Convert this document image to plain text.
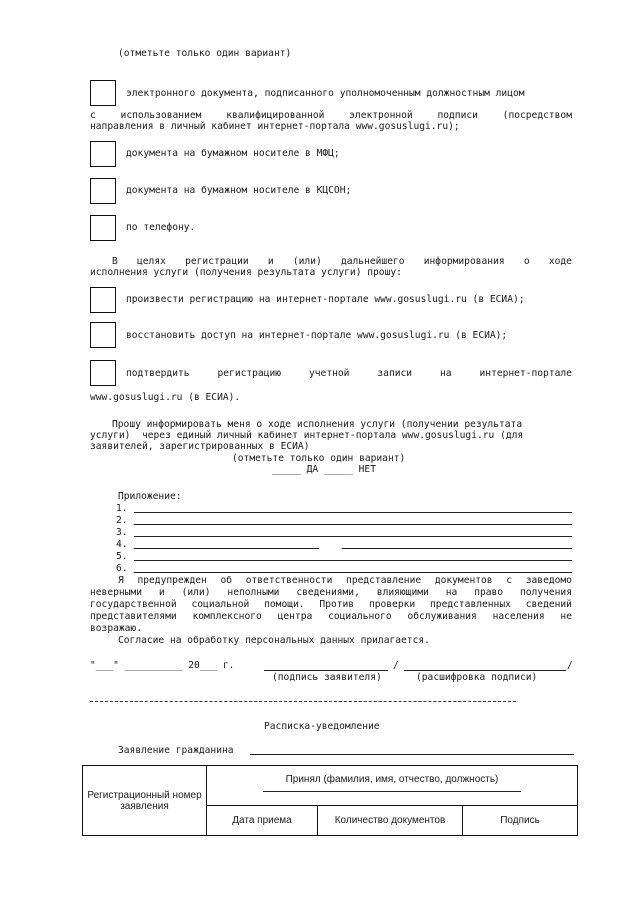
(отметьте только один вариант)
электронного документа, подписанного уполномоченным должностным лицом
с	использованием	квалифицированной	электронной	подписи	(посредством
направления в личный кабинет интернет-портала www.gosuslugi.ru);
документа на бумажном носителе в МФЦ;
документа на бумажном носителе в КЦСОН;
по телефону.
В целях регистрации и (или) дальнейшего информирования о ходе
исполнения услуги (получения результата услуги) прошу:
произвести регистрацию на интернет-портале www.gosuslugi.ru (в ЕСИА);
восстановить доступ на интернет-портале www.gosuslugi.ru (в ЕСИА);
подтвердить	регистрацию	учетной	записи	на	интернет-портале
www.gosuslugi.ru (в ЕСИА).
Прошу информировать меня о ходе исполнения услуги (получении результата
услуги)  через единый личный кабинет интернет-портала www.gosuslugi.ru (для
заявителей, зарегистрированных в ЕСИА)
(отметьте только один вариант)
_____ ДА _____ НЕТ
Приложение:
1.
2.
3.
4.
5.
6.
Я предупрежден об ответственности представление документов с заведомо
неверными и (или) неполными сведениями, влияющими на право получения
государственной социальной помощи. Против проверки представленных сведений
представителями комплексного центра социального обслуживания населения не
возражаю.
Согласие на обработку персональных данных прилагается.
"___" __________ 20___ г.	/	/
(подпись заявителя)	(расшифровка подписи)
Расписка-уведомление
Заявление гражданина
Регистрационный номер заявления	Принял (фамилия, имя, отчество, должность)		

	Дата приема	Количество документов	Подпись
